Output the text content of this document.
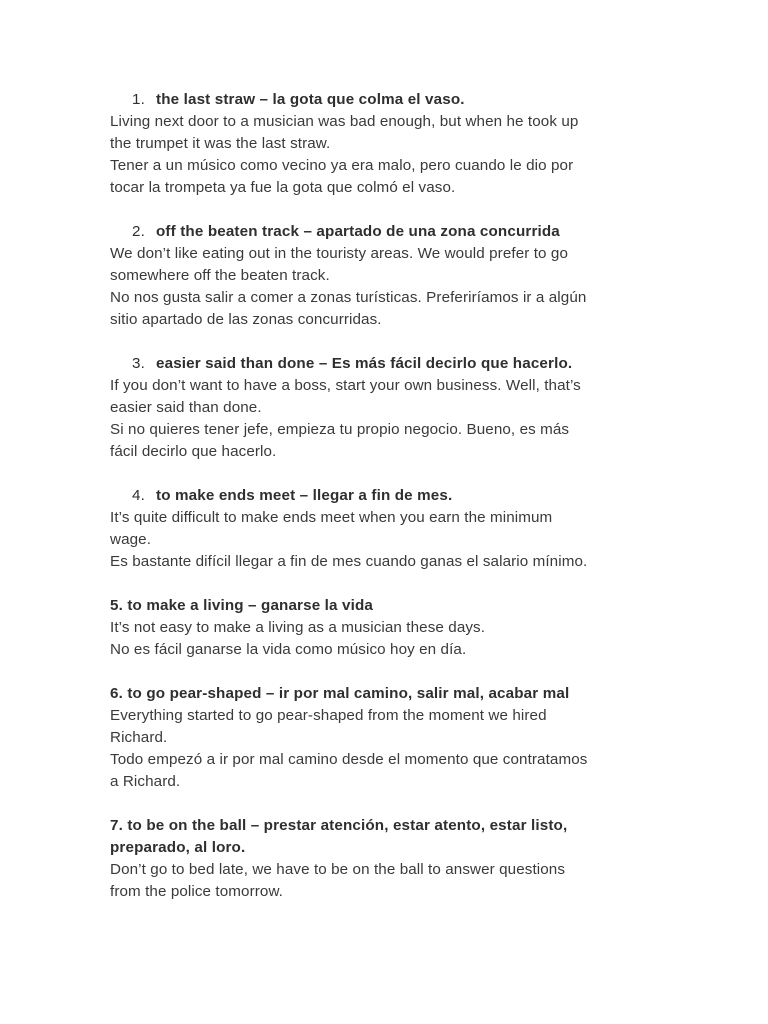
1. the last straw – la gota que colma el vaso.
Living next door to a musician was bad enough, but when he took up
the trumpet it was the last straw.
Tener a un músico como vecino ya era malo, pero cuando le dio por
tocar la trompeta ya fue la gota que colmó el vaso.
2. off the beaten track – apartado de una zona concurrida
We don’t like eating out in the touristy areas. We would prefer to go
somewhere off the beaten track.
No nos gusta salir a comer a zonas turísticas. Preferiríamos ir a algún
sitio apartado de las zonas concurridas.
3. easier said than done – Es más fácil decirlo que hacerlo.
If you don’t want to have a boss, start your own business. Well, that’s
easier said than done.
Si no quieres tener jefe, empieza tu propio negocio. Bueno, es más
fácil decirlo que hacerlo.
4. to make ends meet – llegar a fin de mes.
It’s quite difficult to make ends meet when you earn the minimum
wage.
Es bastante difícil llegar a fin de mes cuando ganas el salario mínimo.
5. to make a living – ganarse la vida
It’s not easy to make a living as a musician these days.
No es fácil ganarse la vida como músico hoy en día.
6. to go pear-shaped – ir por mal camino, salir mal, acabar mal
Everything started to go pear-shaped from the moment we hired
Richard.
Todo empezó a ir por mal camino desde el momento que contratamos
a Richard.
7. to be on the ball – prestar atención, estar atento, estar listo,
preparado, al loro.
Don’t go to bed late, we have to be on the ball to answer questions
from the police tomorrow.
